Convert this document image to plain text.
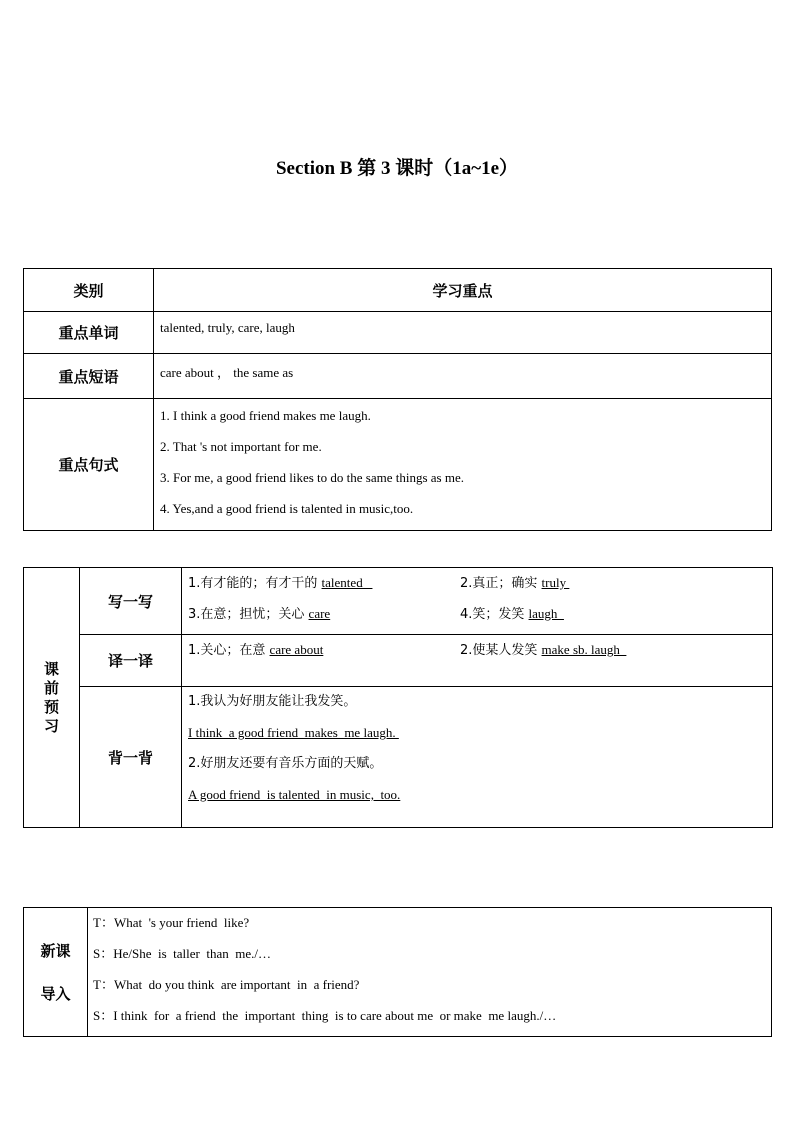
Section B 第 3 课时（1a~1e）
类别	学习重点
重点单词	talented, truly, care, laugh
重点短语	care about ， the same as
重点句式	1. I think a good friend makes me laugh.
2. That 's not important for me.
3. For me, a good friend likes to do the same things as me.
4. Yes,and a good friend is talented in music,too.
课前预习	写一写	1.有才能的；有才干的 talented 2.真正；确实 truly
3.在意；担忧；关心 care 4.笑；发笑 laugh

	译一译	1.关心；在意 care about 2.使某人发笑 make sb. laugh

	背一背	1.我认为好朋友能让我发笑。
I think  a good friend  makes  me laugh.
2.好朋友还要有音乐方面的天赋。
A good friend  is talented  in music,  too.
新课
导入

T：What  's your friend  like?
S：He/She  is  taller  than  me./…
T：What  do you think  are important  in  a friend?
S：I think  for  a friend  the  important  thing  is to care about me  or make  me laugh./…
